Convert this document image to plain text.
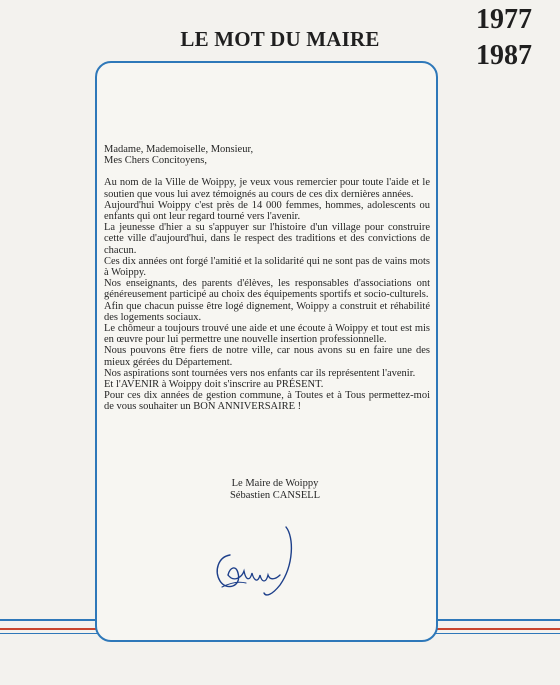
LE MOT DU MAIRE
1977
1987

Madame, Mademoiselle, Monsieur,

Mes Chers Concitoyens,

Au nom de la Ville de Woippy, je veux vous remercier pour toute l'aide et le soutien que vous lui avez témoignés au cours de ces dix dernières années.

Aujourd'hui Woippy c'est près de 14 000 femmes, hommes, adolescents ou enfants qui ont leur regard tourné vers l'avenir.

La jeunesse d'hier a su s'appuyer sur l'histoire d'un village pour construire cette ville d'aujourd'hui, dans le respect des traditions et des convictions de chacun.

Ces dix années ont forgé l'amitié et la solidarité qui ne sont pas de vains mots à Woippy.

Nos enseignants, des parents d'élèves, les responsables d'associations ont généreusement participé au choix des équipements sportifs et socio-culturels.

Afin que chacun puisse être logé dignement, Woippy a construit et réhabilité des logements sociaux.

Le chômeur a toujours trouvé une aide et une écoute à Woippy et tout est mis en œuvre pour lui permettre une nouvelle insertion professionnelle.

Nous pouvons être fiers de notre ville, car nous avons su en faire une des mieux gérées du Département.

Nos aspirations sont tournées vers nos enfants car ils représentent l'avenir.

Et l'AVENIR à Woippy doit s'inscrire au PRÉSENT.

Pour ces dix années de gestion commune, à Toutes et à Tous permettez-moi de vous souhaiter un BON ANNIVERSAIRE !

Le Maire de Woippy
Sébastien CANSELL
